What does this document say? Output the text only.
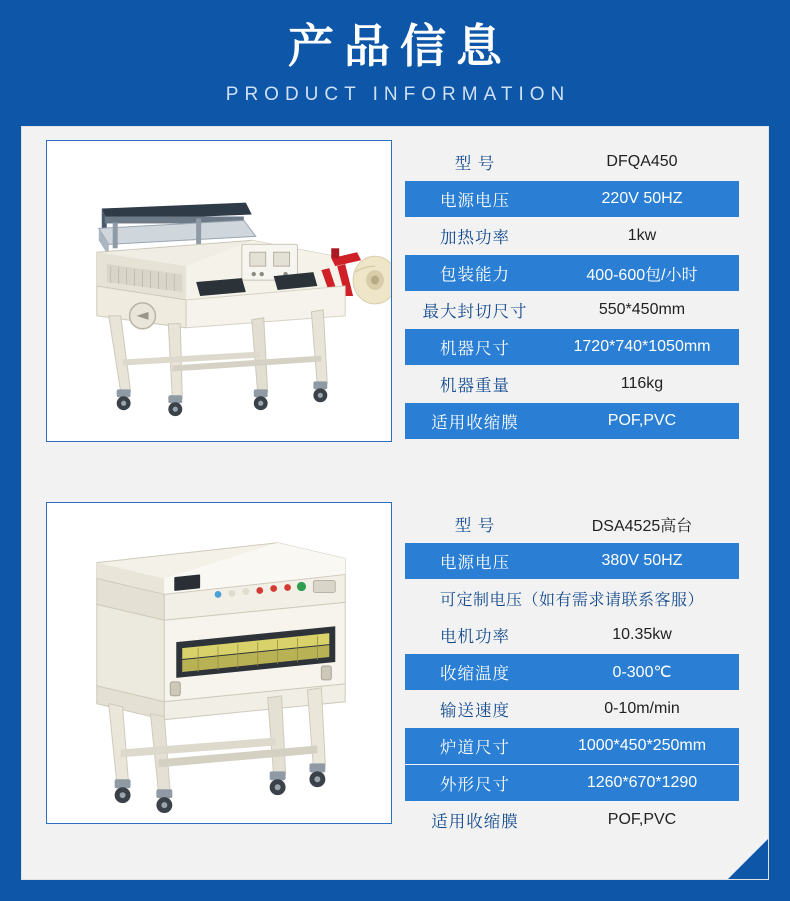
产品信息
PRODUCT INFORMATION
型 号	DFQA450
电源电压	220V 50HZ
加热功率	1kw
包装能力	400-600包/小时
最大封切尺寸	550*450mm
机器尺寸	1720*740*1050mm
机器重量	116kg
适用收缩膜	POF,PVC
型 号	DSA4525高台
电源电压	380V 50HZ
可定制电压（如有需求请联系客服）
电机功率	10.35kw
收缩温度	0-300℃
输送速度	0-10m/min
炉道尺寸	1000*450*250mm
外形尺寸	1260*670*1290
适用收缩膜	POF,PVC
